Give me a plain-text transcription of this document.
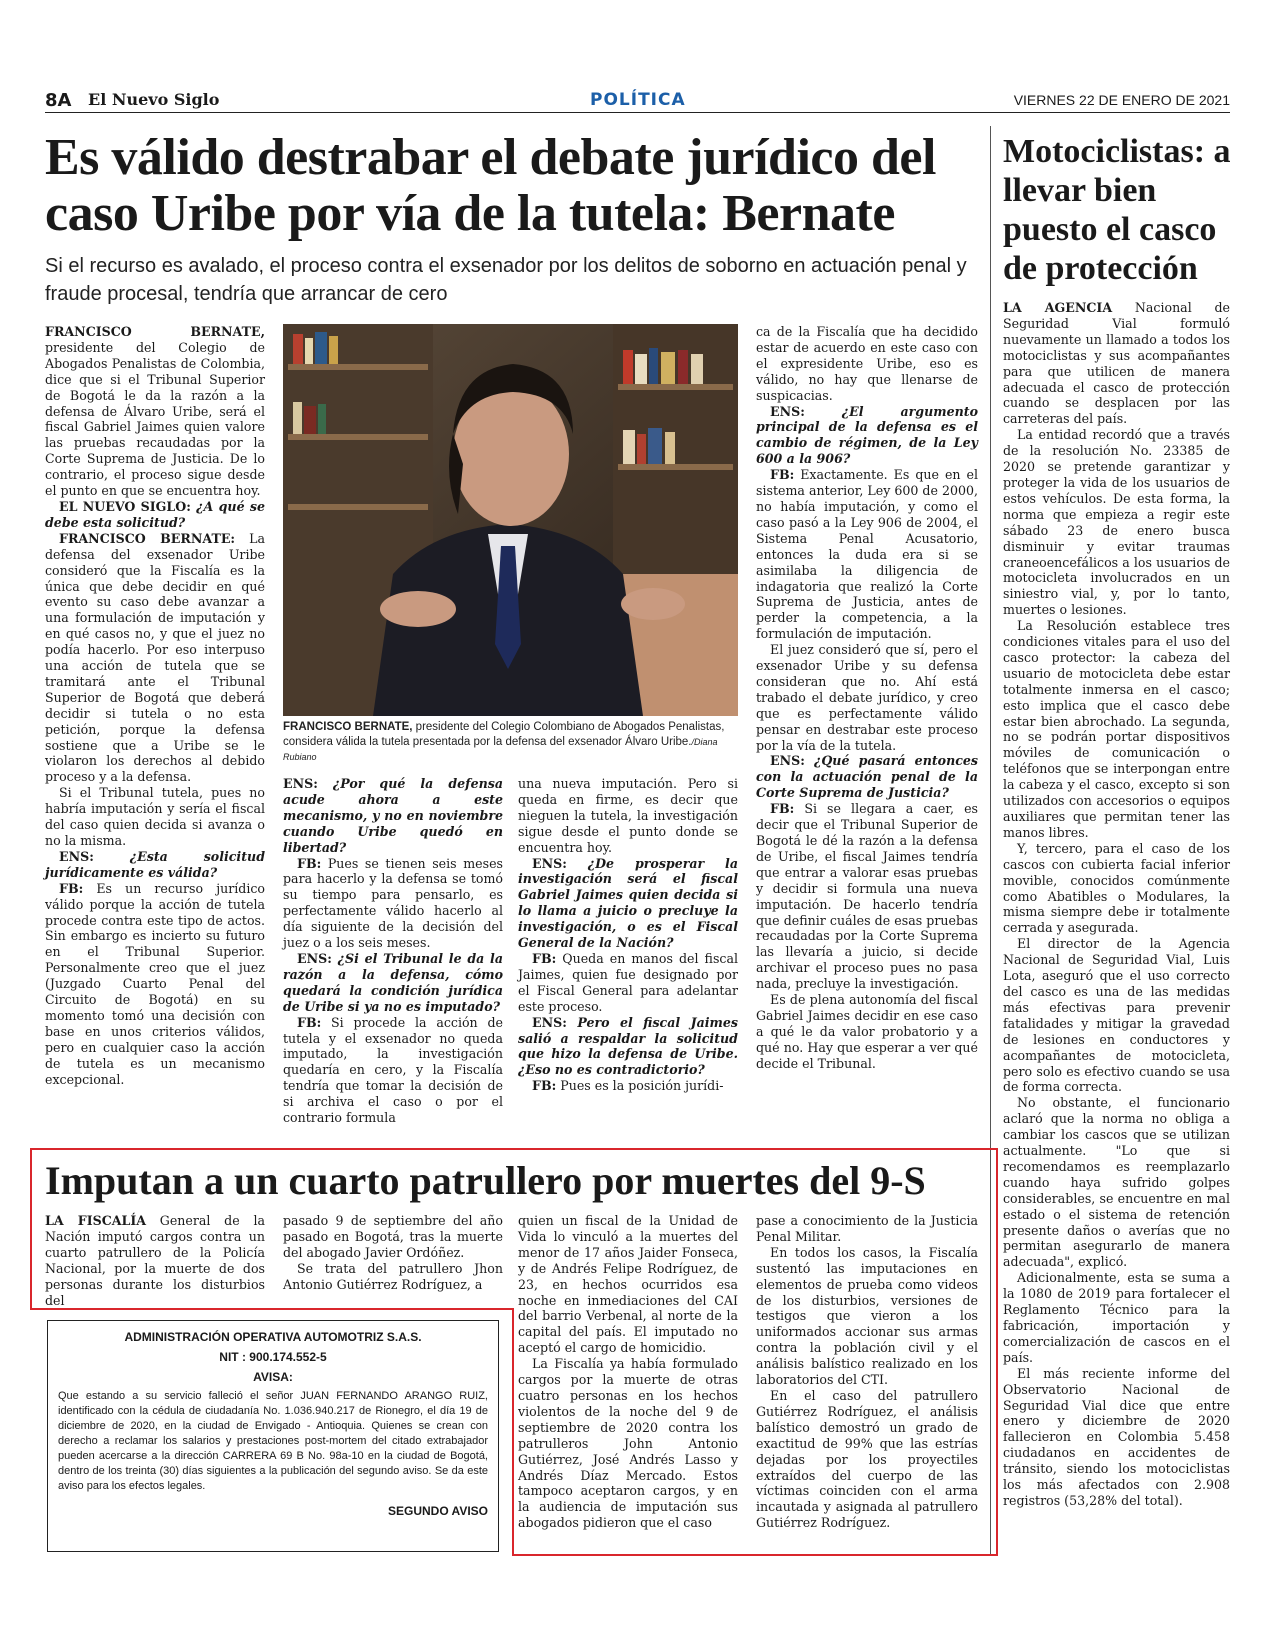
8A El Nuevo Siglo	POLÍTICA	VIERNES 22 DE ENERO DE 2021
Es válido destrabar el debate jurídico del caso Uribe por vía de la tutela: Bernate
Si el recurso es avalado, el proceso contra el exsenador por los delitos de soborno en actuación penal y fraude procesal, tendría que arrancar de cero

FRANCISCO BERNATE, presidente del Colegio de Abogados Penalistas de Colombia, dice que si el Tribunal Superior de Bogotá le da la razón a la defensa de Álvaro Uribe, será el fiscal Gabriel Jaimes quien valore las pruebas recaudadas por la Corte Suprema de Justicia. De lo contrario, el proceso sigue desde el punto en que se encuentra hoy.

EL NUEVO SIGLO: ¿A qué se debe esta solicitud?

FRANCISCO BERNATE: La defensa del exsenador Uribe consideró que la Fiscalía es la única que debe decidir en qué evento su caso debe avanzar a una formulación de imputación y en qué casos no, y que el juez no podía hacerlo. Por eso interpuso una acción de tutela que se tramitará ante el Tribunal Superior de Bogotá que deberá decidir si tutela o no esta petición, porque la defensa sostiene que a Uribe se le violaron los derechos al debido proceso y a la defensa.

Si el Tribunal tutela, pues no habría imputación y sería el fiscal del caso quien decida si avanza o no la misma.

ENS: ¿Esta solicitud jurídicamente es válida?

FB: Es un recurso jurídico válido porque la acción de tutela procede contra este tipo de actos. Sin embargo es incierto su futuro en el Tribunal Superior. Personalmente creo que el juez (Juzgado Cuarto Penal del Circuito de Bogotá) en su momento tomó una decisión con base en unos criterios válidos, pero en cualquier caso la acción de tutela es un mecanismo excepcional.

FRANCISCO BERNATE, presidente del Colegio Colombiano de Abogados Penalistas, considera válida la tutela presentada por la defensa del exsenador Álvaro Uribe./Diana Rubiano

ENS: ¿Por qué la defensa acude ahora a este mecanismo, y no en noviembre cuando Uribe quedó en libertad?

FB: Pues se tienen seis meses para hacerlo y la defensa se tomó su tiempo para pensarlo, es perfectamente válido hacerlo al día siguiente de la decisión del juez o a los seis meses.

ENS: ¿Si el Tribunal le da la razón a la defensa, cómo quedará la condición jurídica de Uribe si ya no es imputado?

FB: Si procede la acción de tutela y el exsenador no queda imputado, la investigación quedaría en cero, y la Fiscalía tendría que tomar la decisión de si archiva el caso o por el contrario formula

una nueva imputación. Pero si queda en firme, es decir que nieguen la tutela, la investigación sigue desde el punto donde se encuentra hoy.

ENS: ¿De prosperar la investigación será el fiscal Gabriel Jaimes quien decida si lo llama a juicio o precluye la investigación, o es el Fiscal General de la Nación?

FB: Queda en manos del fiscal Jaimes, quien fue designado por el Fiscal General para adelantar este proceso.

ENS: Pero el fiscal Jaimes salió a respaldar la solicitud que hizo la defensa de Uribe. ¿Eso no es contradictorio?

FB: Pues es la posición jurídi-

ca de la Fiscalía que ha decidido estar de acuerdo en este caso con el expresidente Uribe, eso es válido, no hay que llenarse de suspicacias.

ENS: ¿El argumento principal de la defensa es el cambio de régimen, de la Ley 600 a la 906?

FB: Exactamente. Es que en el sistema anterior, Ley 600 de 2000, no había imputación, y como el caso pasó a la Ley 906 de 2004, el Sistema Penal Acusatorio, entonces la duda era si se asimilaba la diligencia de indagatoria que realizó la Corte Suprema de Justicia, antes de perder la competencia, a la formulación de imputación.

El juez consideró que sí, pero el exsenador Uribe y su defensa consideran que no. Ahí está trabado el debate jurídico, y creo que es perfectamente válido pensar en destrabar este proceso por la vía de la tutela.

ENS: ¿Qué pasará entonces con la actuación penal de la Corte Suprema de Justicia?

FB: Si se llegara a caer, es decir que el Tribunal Superior de Bogotá le dé la razón a la defensa de Uribe, el fiscal Jaimes tendría que entrar a valorar esas pruebas y decidir si formula una nueva imputación. De hacerlo tendría que definir cuáles de esas pruebas recaudadas por la Corte Suprema las llevaría a juicio, si decide archivar el proceso pues no pasa nada, precluye la investigación.

Es de plena autonomía del fiscal Gabriel Jaimes decidir en ese caso a qué le da valor probatorio y a qué no. Hay que esperar a ver qué decide el Tribunal.

Motociclistas: a llevar bien puesto el casco de protección

LA AGENCIA Nacional de Seguridad Vial formuló nuevamente un llamado a todos los motociclistas y sus acompañantes para que utilicen de manera adecuada el casco de protección cuando se desplacen por las carreteras del país.

La entidad recordó que a través de la resolución No. 23385 de 2020 se pretende garantizar y proteger la vida de los usuarios de estos vehículos. De esta forma, la norma que empieza a regir este sábado 23 de enero busca disminuir y evitar traumas craneoencefálicos a los usuarios de motocicleta involucrados en un siniestro vial, y, por lo tanto, muertes o lesiones.

La Resolución establece tres condiciones vitales para el uso del casco protector: la cabeza del usuario de motocicleta debe estar totalmente inmersa en el casco; esto implica que el casco debe estar bien abrochado. La segunda, no se podrán portar dispositivos móviles de comunicación o teléfonos que se interpongan entre la cabeza y el casco, excepto si son utilizados con accesorios o equipos auxiliares que permitan tener las manos libres.

Y, tercero, para el caso de los cascos con cubierta facial inferior movible, conocidos comúnmente como Abatibles o Modulares, la misma siempre debe ir totalmente cerrada y asegurada.

El director de la Agencia Nacional de Seguridad Vial, Luis Lota, aseguró que el uso correcto del casco es una de las medidas más efectivas para prevenir fatalidades y mitigar la gravedad de lesiones en conductores y acompañantes de motocicleta, pero solo es efectivo cuando se usa de forma correcta.

No obstante, el funcionario aclaró que la norma no obliga a cambiar los cascos que se utilizan actualmente. "Lo que si recomendamos es reemplazarlo cuando haya sufrido golpes considerables, se encuentre en mal estado o el sistema de retención presente daños o averías que no permitan asegurarlo de manera adecuada", explicó.

Adicionalmente, esta se suma a la 1080 de 2019 para fortalecer el Reglamento Técnico para la fabricación, importación y comercialización de cascos en el país.

El más reciente informe del Observatorio Nacional de Seguridad Vial dice que entre enero y diciembre de 2020 fallecieron en Colombia 5.458 ciudadanos en accidentes de tránsito, siendo los motociclistas los más afectados con 2.908 registros (53,28% del total).

Imputan a un cuarto patrullero por muertes del 9-S

LA FISCALÍA General de la Nación imputó cargos contra un cuarto patrullero de la Policía Nacional, por la muerte de dos personas durante los disturbios del

pasado 9 de septiembre del año pasado en Bogotá, tras la muerte del abogado Javier Ordóñez.

Se trata del patrullero Jhon Antonio Gutiérrez Rodríguez, a

quien un fiscal de la Unidad de Vida lo vinculó a la muertes del menor de 17 años Jaider Fonseca, y de Andrés Felipe Rodríguez, de 23, en hechos ocurridos esa noche en inmediaciones del CAI del barrio Verbenal, al norte de la capital del país. El imputado no aceptó el cargo de homicidio.

La Fiscalía ya había formulado cargos por la muerte de otras cuatro personas en los hechos violentos de la noche del 9 de septiembre de 2020 contra los patrulleros John Antonio Gutiérrez, José Andrés Lasso y Andrés Díaz Mercado. Estos tampoco aceptaron cargos, y en la audiencia de imputación sus abogados pidieron que el caso

pase a conocimiento de la Justicia Penal Militar.

En todos los casos, la Fiscalía sustentó las imputaciones en elementos de prueba como videos de los disturbios, versiones de testigos que vieron a los uniformados accionar sus armas contra la población civil y el análisis balístico realizado en los laboratorios del CTI.

En el caso del patrullero Gutiérrez Rodríguez, el análisis balístico demostró un grado de exactitud de 99% que las estrías dejadas por los proyectiles extraídos del cuerpo de las víctimas coinciden con el arma incautada y asignada al patrullero Gutiérrez Rodríguez.

ADMINISTRACIÓN OPERATIVA AUTOMOTRIZ S.A.S.
NIT : 900.174.552-5
AVISA:
Que estando a su servicio falleció el señor JUAN FERNANDO ARANGO RUIZ, identificado con la cédula de ciudadanía No. 1.036.940.217 de Rionegro, el día 19 de diciembre de 2020, en la ciudad de Envigado - Antioquia. Quienes se crean con derecho a reclamar los salarios y prestaciones post-mortem del citado extrabajador pueden acercarse a la dirección CARRERA 69 B No. 98a-10 en la ciudad de Bogotá, dentro de los treinta (30) días siguientes a la publicación del segundo aviso. Se da este aviso para los efectos legales.
SEGUNDO AVISO
